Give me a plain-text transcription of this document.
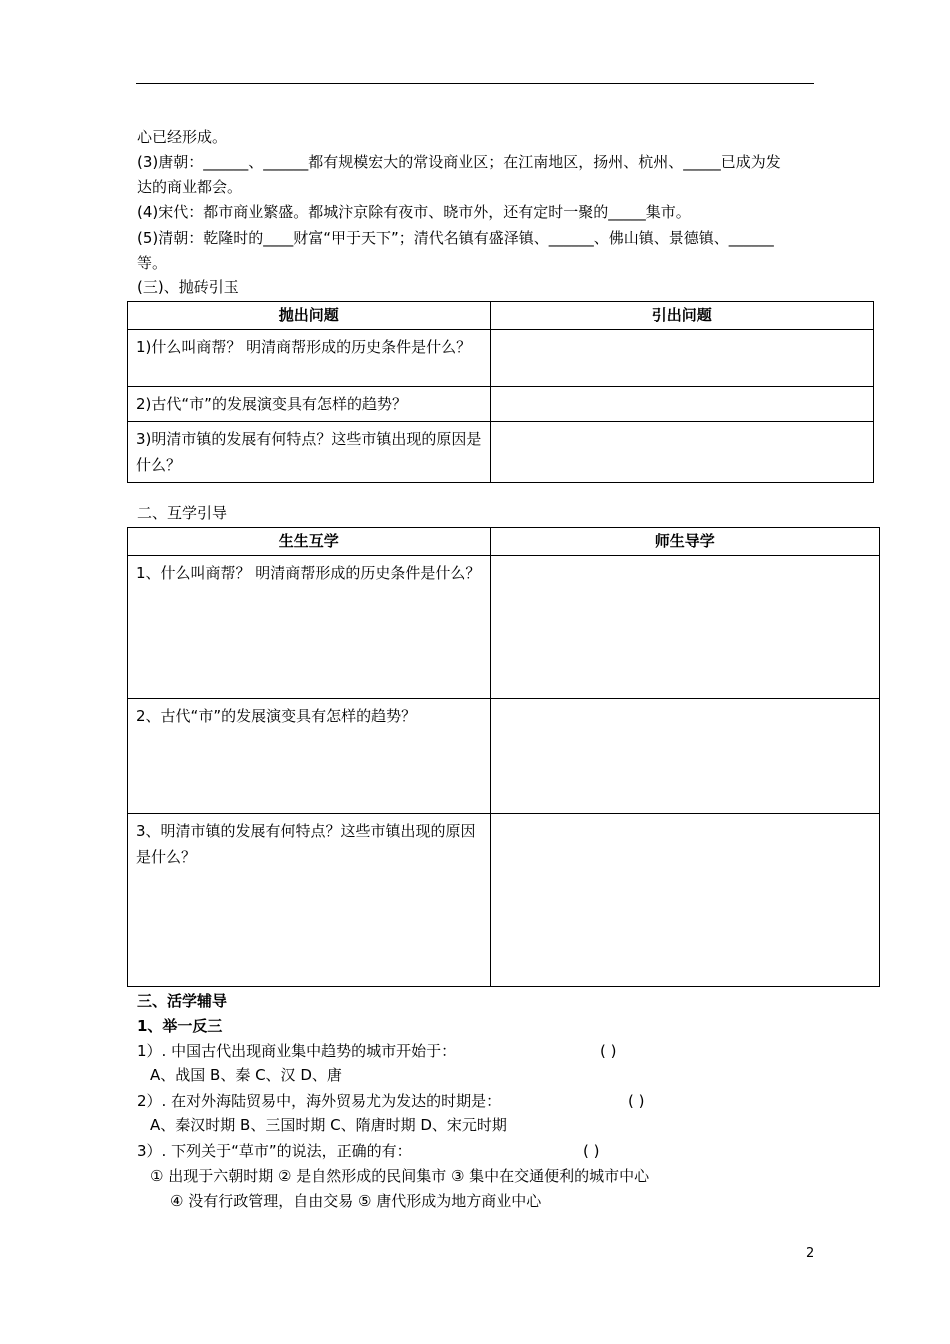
心已经形成。
(3)唐朝：______、______都有规模宏大的常设商业区；在江南地区，扬州、杭州、_____已成为发
达的商业都会。
(4)宋代：都市商业繁盛。都城汴京除有夜市、晓市外，还有定时一聚的_____集市。
(5)清朝：乾隆时的____财富“甲于天下”；清代名镇有盛泽镇、______、佛山镇、景德镇、______
等。
(三)、抛砖引玉
抛出问题	引出问题
1)什么叫商帮？ 明清商帮形成的历史条件是什么？	
2)古代“市”的发展演变具有怎样的趋势？	
3)明清市镇的发展有何特点？这些市镇出现的原因是什么？	
二、互学引导
生生互学	师生导学
1、什么叫商帮？ 明清商帮形成的历史条件是什么？	
2、古代“市”的发展演变具有怎样的趋势？	
3、明清市镇的发展有何特点？这些市镇出现的原因是什么？	
三、活学辅导
1、举一反三
1）. 中国古代出现商业集中趋势的城市开始于：	( )
A、战国 B、秦 C、汉 D、唐
2）. 在对外海陆贸易中，海外贸易尤为发达的时期是：	( )
A、秦汉时期 B、三国时期 C、隋唐时期 D、宋元时期
3）. 下列关于“草市”的说法，正确的有：	( )
① 出现于六朝时期 ② 是自然形成的民间集市 ③ 集中在交通便利的城市中心
④ 没有行政管理，自由交易 ⑤ 唐代形成为地方商业中心
2
